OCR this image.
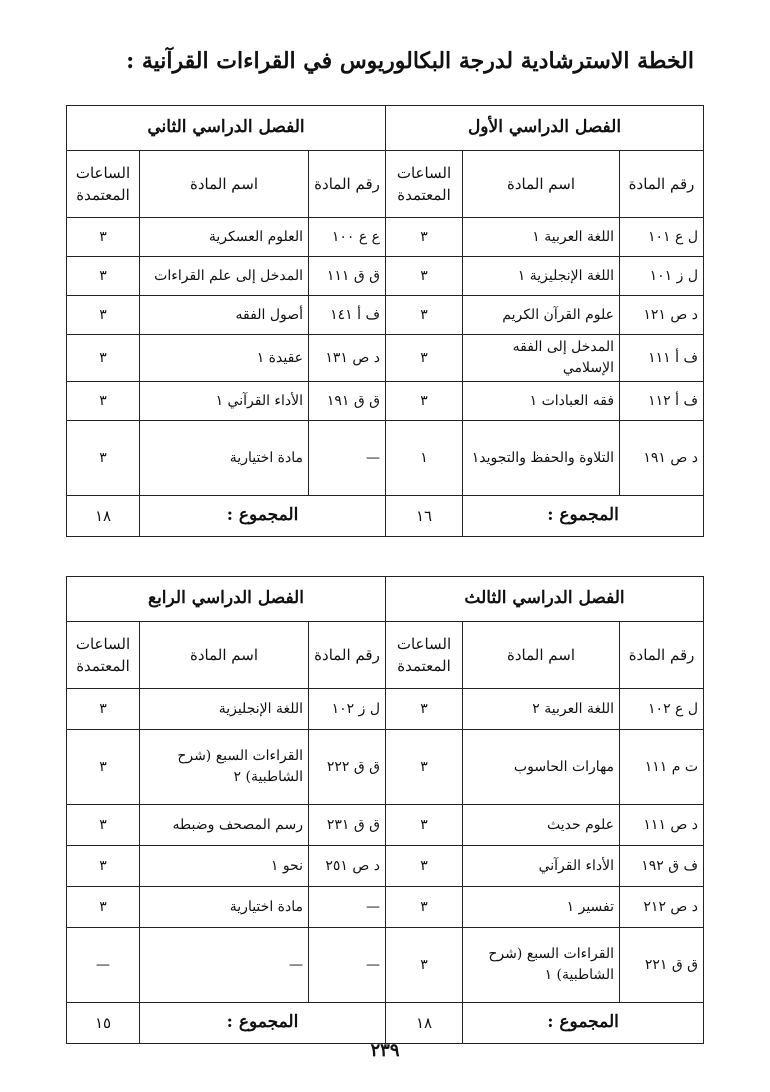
الخطة الاسترشادية لدرجة البكالوريوس في القراءات القرآنية :
الفصل الدراسي الأول			الفصل الدراسي الثاني		
رقم المادة	اسم المادة	الساعات المعتمدة	رقم المادة	اسم المادة	الساعات المعتمدة
ل ع ١٠١	اللغة العربية ١	٣	ع ع ١٠٠	العلوم العسكرية	٣
ل ز ١٠١	اللغة الإنجليزية ١	٣	ق ق ١١١	المدخل إلى علم القراءات	٣
د ص ١٢١	علوم القرآن الكريم	٣	ف أ ١٤١	أصول الفقه	٣
ف أ ١١١	المدخل إلى الفقه الإسلامي	٣	د ص ١٣١	عقيدة ١	٣
ف أ ١١٢	فقه العبادات ١	٣	ق ق ١٩١	الأداء القرآني ١	٣
د ص ١٩١	التلاوة والحفظ والتجويد١	١	—	مادة اختيارية	٣
المجموع :		١٦	المجموع :		١٨
الفصل الدراسي الثالث			الفصل الدراسي الرابع		
رقم المادة	اسم المادة	الساعات المعتمدة	رقم المادة	اسم المادة	الساعات المعتمدة
ل ع ١٠٢	اللغة العربية ٢	٣	ل ز ١٠٢	اللغة الإنجليزية	٣
ت م ١١١	مهارات الحاسوب	٣	ق ق ٢٢٢	القراءات السبع (شرح الشاطبية) ٢	٣
د ص ١١١	علوم حديث	٣	ق ق ٢٣١	رسم المصحف وضبطه	٣
ف ق ١٩٢	الأداء القرآني	٣	د ص ٢٥١	نحو ١	٣
د ص ٢١٢	تفسير ١	٣	—	مادة اختيارية	٣
ق ق ٢٢١	القراءات السبع (شرح الشاطبية) ١	٣	—	—	—
المجموع :		١٨	المجموع :		١٥
٢٣٩
